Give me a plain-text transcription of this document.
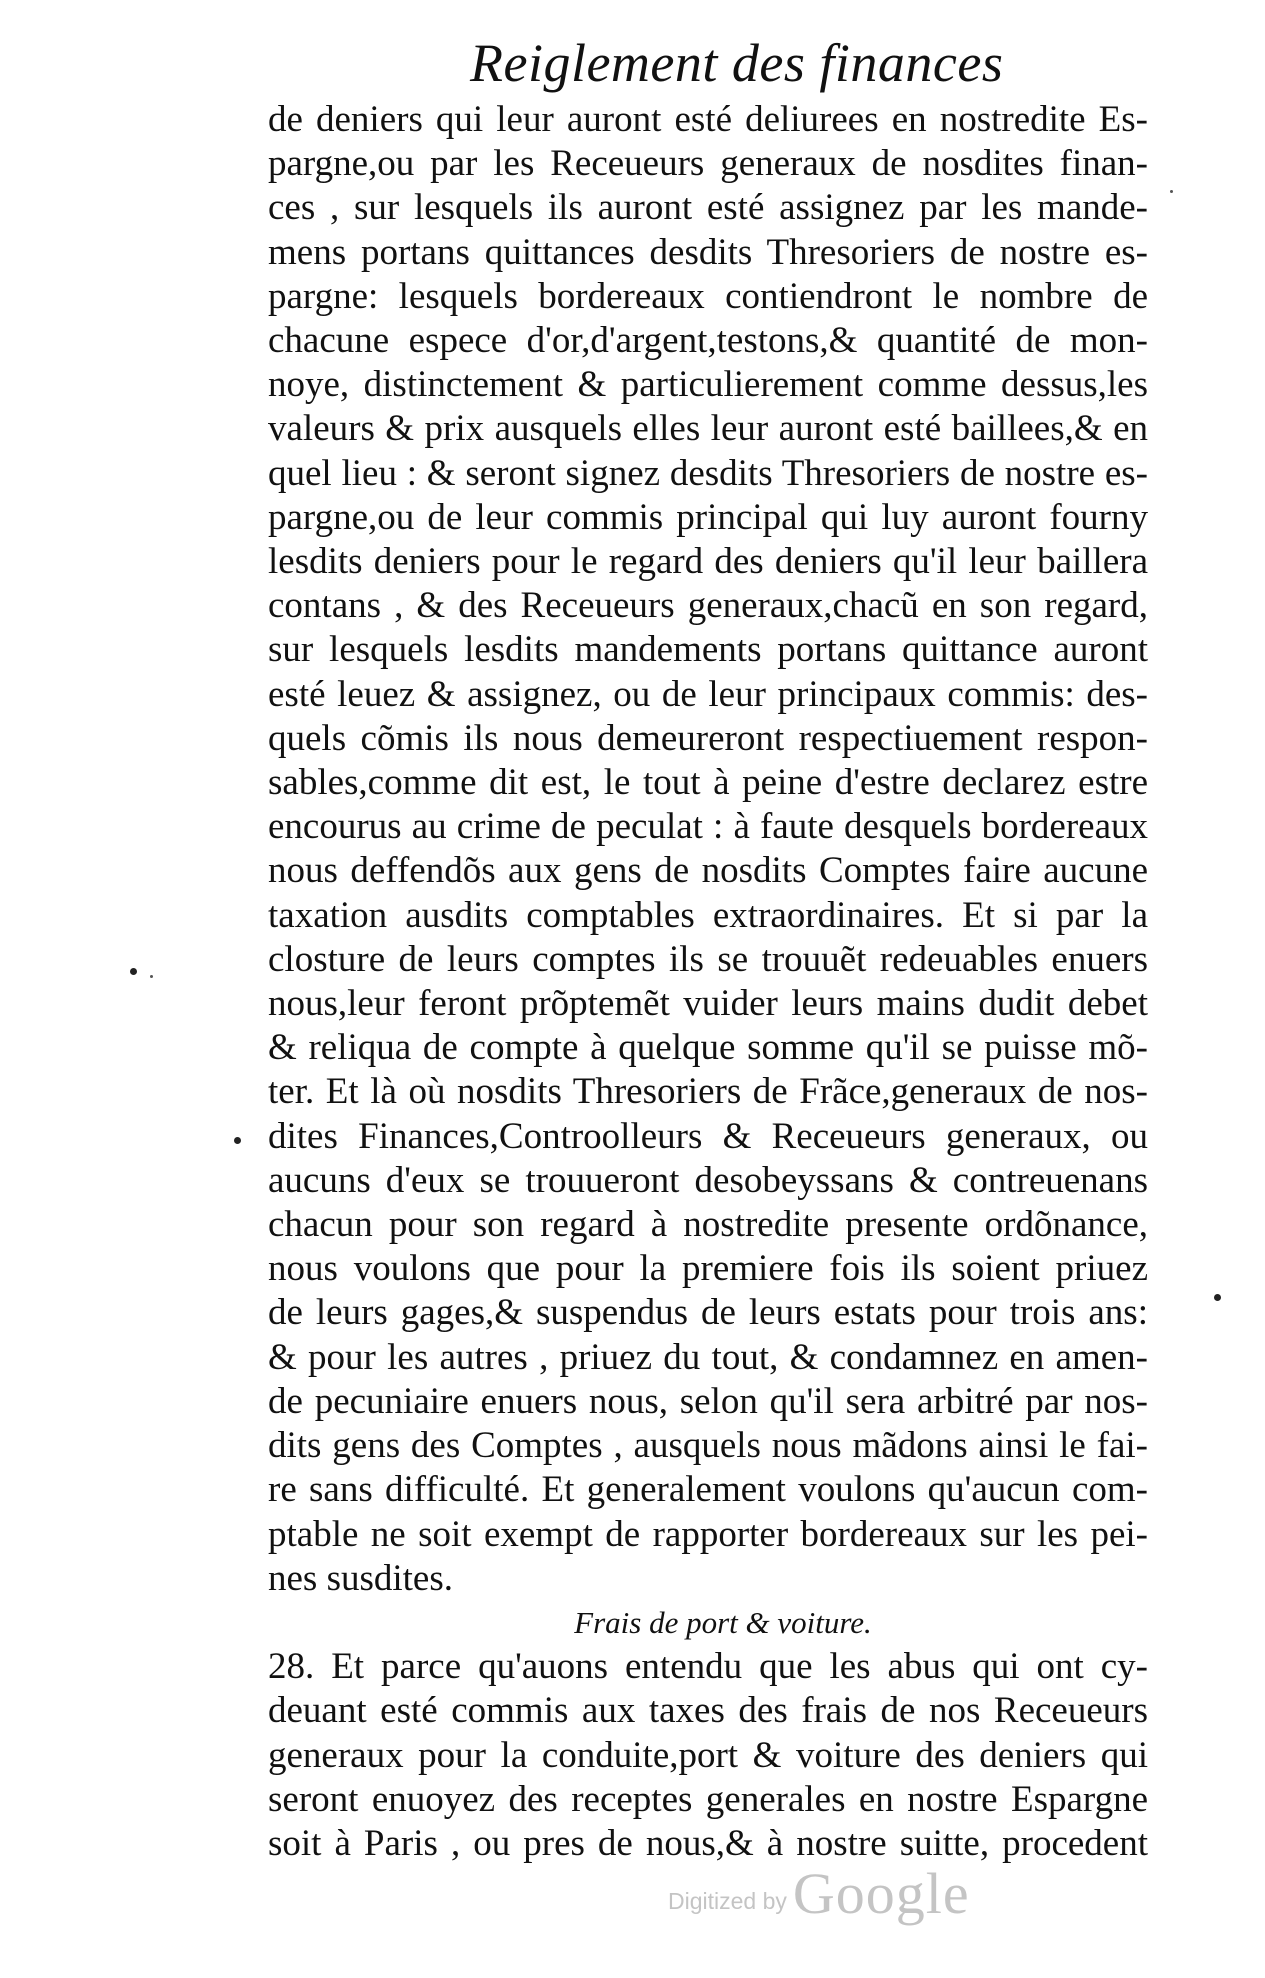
Reiglement des finances
de deniers qui leur auront esté deliurees en nostredite Es-
pargne,ou par les Receueurs generaux de nosdites finan-
ces , sur lesquels ils auront esté assignez par les mande-
mens portans quittances desdits Thresoriers de nostre es-
pargne: lesquels bordereaux contiendront le nombre de
chacune espece d'or,d'argent,testons,& quantité de mon-
noye, distinctement & particulierement comme dessus,les
valeurs & prix ausquels elles leur auront esté baillees,& en
quel lieu : & seront signez desdits Thresoriers de nostre es-
pargne,ou de leur commis principal qui luy auront fourny
lesdits deniers pour le regard des deniers qu'il leur baillera
contans , & des Receueurs generaux,chacũ en son regard,
sur lesquels lesdits mandements portans quittance auront
esté leuez & assignez, ou de leur principaux commis: des-
quels cõmis ils nous demeureront respectiuement respon-
sables,comme dit est, le tout à peine d'estre declarez estre
encourus au crime de peculat : à faute desquels bordereaux
nous deffendõs aux gens de nosdits Comptes faire aucune
taxation ausdits comptables extraordinaires. Et si par la
closture de leurs comptes ils se trouuẽt redeuables enuers
nous,leur feront prõptemẽt vuider leurs mains dudit debet
& reliqua de compte à quelque somme qu'il se puisse mõ-
ter. Et là où nosdits Thresoriers de Frãce,generaux de nos-
dites Finances,Controolleurs & Receueurs generaux, ou
aucuns d'eux se trouueront desobeyssans & contreuenans
chacun pour son regard à nostredite presente ordõnance,
nous voulons que pour la premiere fois ils soient priuez
de leurs gages,& suspendus de leurs estats pour trois ans:
& pour les autres , priuez du tout, & condamnez en amen-
de pecuniaire enuers nous, selon qu'il sera arbitré par nos-
dits gens des Comptes , ausquels nous mãdons ainsi le fai-
re sans difficulté. Et generalement voulons qu'aucun com-
ptable ne soit exempt de rapporter bordereaux sur les pei-
nes susdites.
Frais de port & voiture.
28. Et parce qu'auons entendu que les abus qui ont cy-
deuant esté commis aux taxes des frais de nos Receueurs
generaux pour la conduite,port & voiture des deniers qui
seront enuoyez des receptes generales en nostre Espargne
soit à Paris , ou pres de nous,& à nostre suitte, procedent
Digitized by Google
